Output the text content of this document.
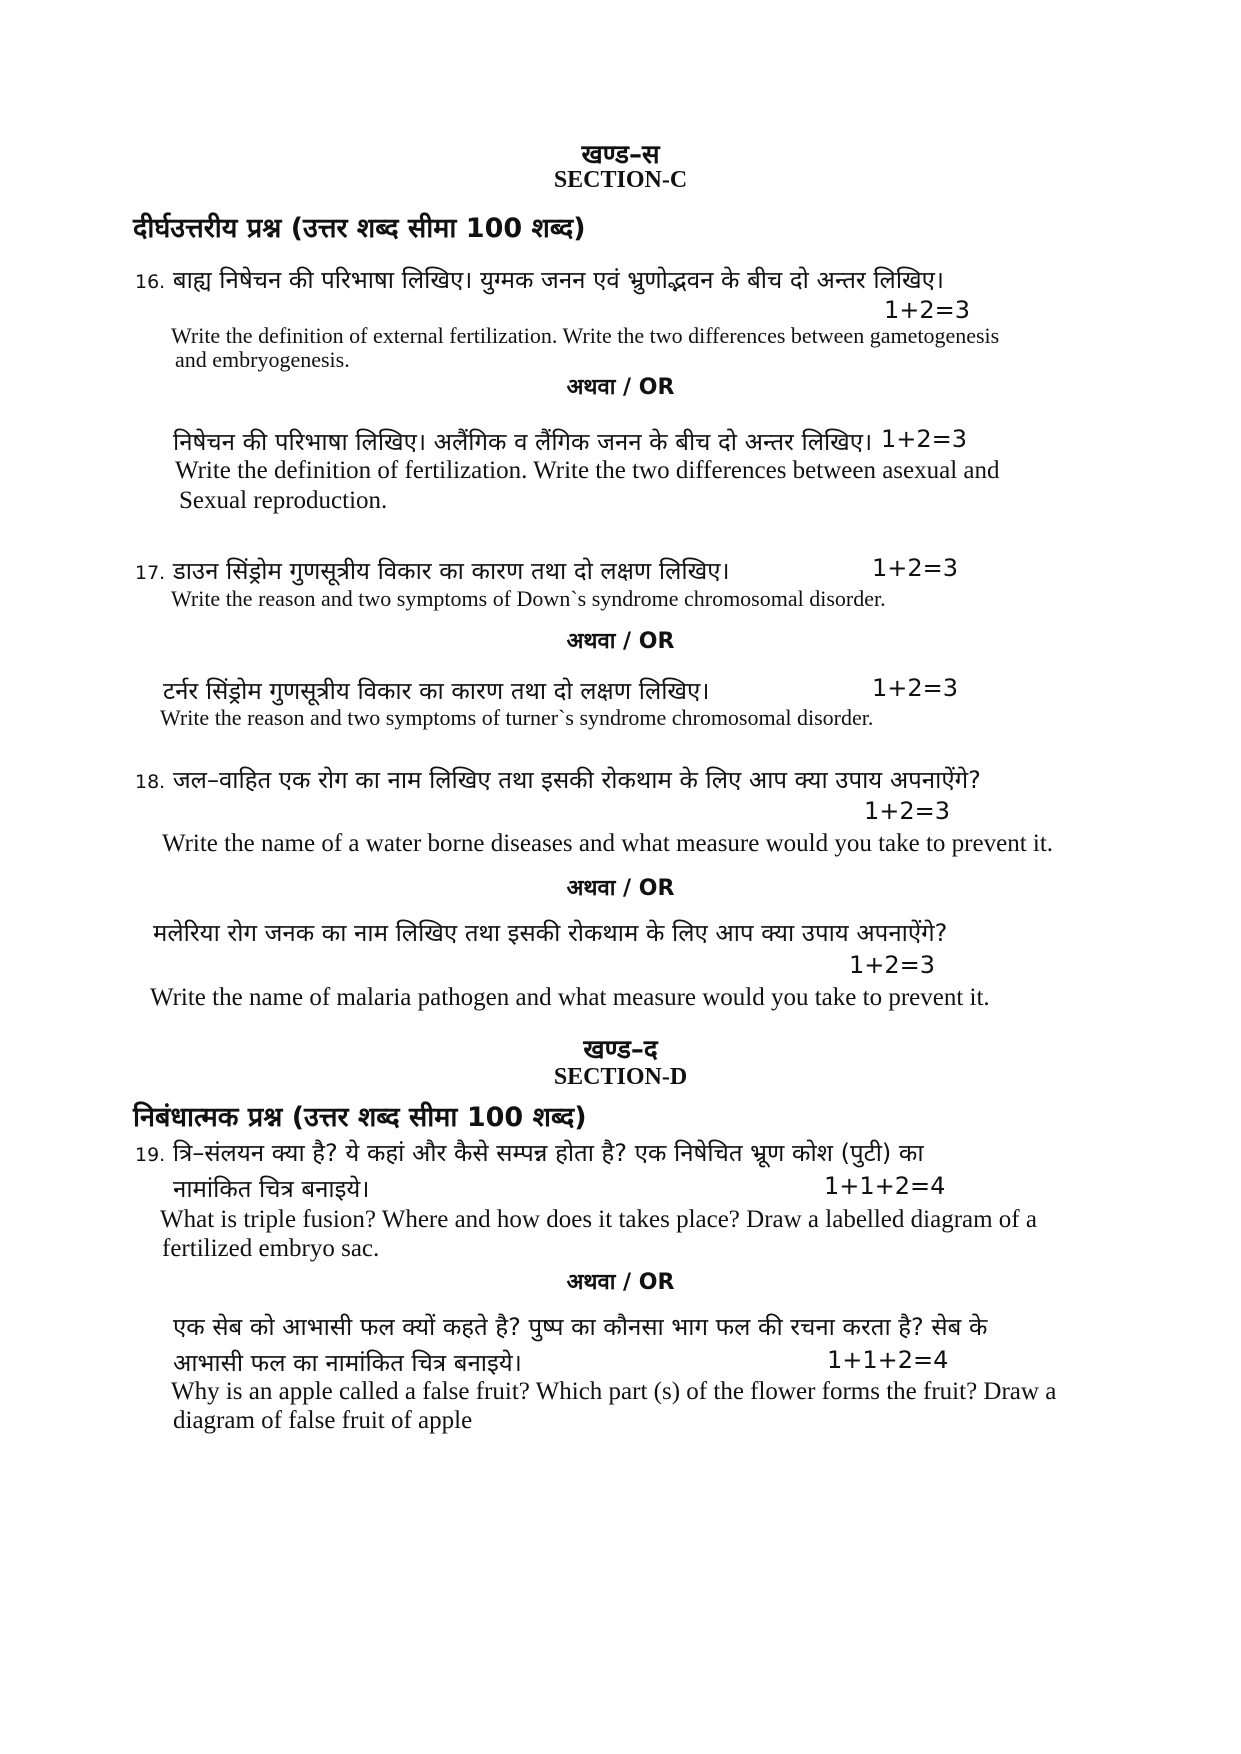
खण्ड–स
SECTION-C
दीर्घउत्तरीय प्रश्न (उत्तर शब्द सीमा 100 शब्द)
16. बाह्य निषेचन की परिभाषा लिखिए। युग्मक जनन एवं भ्रुणोद्भवन के बीच दो अन्तर लिखिए।
1+2=3
Write the definition of external fertilization. Write the two differences between gametogenesis
and embryogenesis.
अथवा / OR
निषेचन की परिभाषा लिखिए। अलैंगिक व लैंगिक जनन के बीच दो अन्तर लिखिए। 1+2=3
Write the definition of fertilization. Write the two differences between asexual and
Sexual reproduction.
17. डाउन सिंड्रोम गुणसूत्रीय विकार का कारण तथा दो लक्षण लिखिए।	1+2=3
Write the reason and two symptoms of Down`s syndrome chromosomal disorder.
अथवा / OR
टर्नर सिंड्रोम गुणसूत्रीय विकार का कारण तथा दो लक्षण लिखिए।	1+2=3
Write the reason and two symptoms of turner`s syndrome chromosomal disorder.
18. जल–वाहित एक रोग का नाम लिखिए तथा इसकी रोकथाम के लिए आप क्या उपाय अपनाऐंगे?
1+2=3
Write the name of a water borne diseases and what measure would you take to prevent it.
अथवा / OR
मलेरिया रोग जनक का नाम लिखिए तथा इसकी रोकथाम के लिए आप क्या उपाय अपनाऐंगे?
1+2=3
Write the name of malaria pathogen and what measure would you take to prevent it.
खण्ड–द
SECTION-D
निबंधात्मक प्रश्न (उत्तर शब्द सीमा 100 शब्द)
19. त्रि–संलयन क्या है? ये कहां और कैसे सम्पन्न होता है? एक निषेचित भ्रूण कोश (पुटी) का
नामांकित चित्र बनाइये।	1+1+2=4
What is triple fusion? Where and how does it takes place? Draw a labelled diagram of a
fertilized embryo sac.
अथवा / OR
एक सेब को आभासी फल क्यों कहते है? पुष्प का कौनसा भाग फल की रचना करता है? सेब के
आभासी फल का नामांकित चित्र बनाइये।	1+1+2=4
Why is an apple called a false fruit? Which part (s) of the flower forms the fruit? Draw a
diagram of false fruit of apple
